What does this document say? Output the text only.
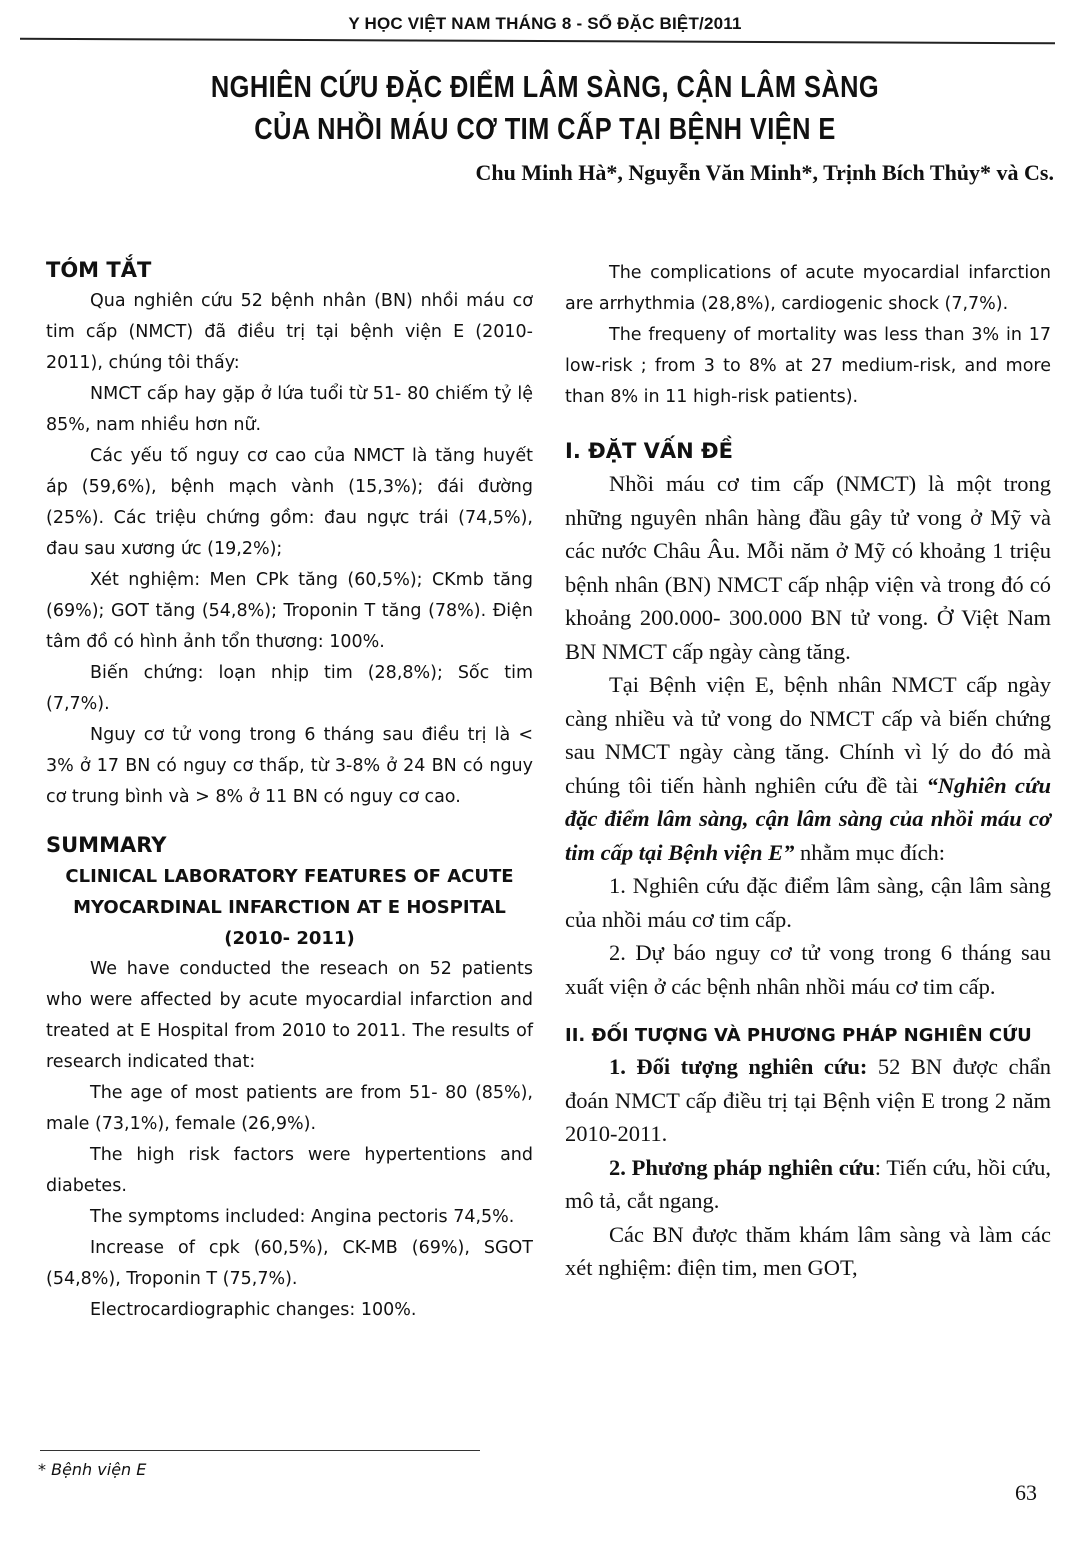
Y HỌC VIỆT NAM THÁNG 8 - SỐ ĐẶC BIỆT/2011
NGHIÊN CỨU ĐẶC ĐIỂM LÂM SÀNG, CẬN LÂM SÀNG
CỦA NHỒI MÁU CƠ TIM CẤP TẠI BỆNH VIỆN E
Chu Minh Hà*, Nguyễn Văn Minh*, Trịnh Bích Thủy* và Cs.
TÓM TẮT

Qua nghiên cứu 52 bệnh nhân (BN) nhồi máu cơ tim cấp (NMCT) đã điều trị tại bệnh viện E (2010-2011), chúng tôi thấy:

NMCT cấp hay gặp ở lứa tuổi từ 51- 80 chiếm tỷ lệ 85%, nam nhiều hơn nữ.

Các yếu tố nguy cơ cao của NMCT là tăng huyết áp (59,6%), bệnh mạch vành (15,3%); đái đường (25%). Các triệu chứng gồm: đau ngực trái (74,5%), đau sau xương ức (19,2%);

Xét nghiệm: Men CPk tăng (60,5%); CKmb tăng (69%); GOT tăng (54,8%); Troponin T tăng (78%). Điện tâm đồ có hình ảnh tổn thương: 100%.

Biến chứng: loạn nhịp tim (28,8%); Sốc tim (7,7%).

Nguy cơ tử vong trong 6 tháng sau điều trị là < 3% ở 17 BN có nguy cơ thấp, từ 3-8% ở 24 BN có nguy cơ trung bình và > 8% ở 11 BN có nguy cơ cao.

SUMMARY
CLINICAL LABORATORY FEATURES OF ACUTE MYOCARDINAL INFARCTION AT E HOSPITAL (2010- 2011)

We have conducted the reseach on 52 patients who were affected by acute myocardial infarction and treated at E Hospital from 2010 to 2011. The results of research indicated that:

The age of most patients are from 51- 80 (85%), male (73,1%), female (26,9%).

The high risk factors were hypertentions and diabetes.

The symptoms included: Angina pectoris 74,5%.

Increase of cpk (60,5%), CK-MB (69%), SGOT (54,8%), Troponin T (75,7%).

Electrocardiographic changes: 100%.

The complications of acute myocardial infarction are arrhythmia (28,8%), cardiogenic shock (7,7%).

The frequeny of mortality was less than 3% in 17 low-risk ; from 3 to 8% at 27 medium-risk, and more than 8% in 11 high-risk patients).

I. ĐẶT VẤN ĐỀ

Nhồi máu cơ tim cấp (NMCT) là một trong những nguyên nhân hàng đầu gây tử vong ở Mỹ và các nước Châu Âu. Mỗi năm ở Mỹ có khoảng 1 triệu bệnh nhân (BN) NMCT cấp nhập viện và trong đó có khoảng 200.000- 300.000 BN tử vong. Ở Việt Nam BN NMCT cấp ngày càng tăng.

Tại Bệnh viện E, bệnh nhân NMCT cấp ngày càng nhiều và tử vong do NMCT cấp và biến chứng sau NMCT ngày càng tăng. Chính vì lý do đó mà chúng tôi tiến hành nghiên cứu đề tài “Nghiên cứu đặc điểm lâm sàng, cận lâm sàng của nhồi máu cơ tim cấp tại Bệnh viện E” nhằm mục đích:

1. Nghiên cứu đặc điểm lâm sàng, cận lâm sàng của nhồi máu cơ tim cấp.

2. Dự báo nguy cơ tử vong trong 6 tháng sau xuất viện ở các bệnh nhân nhồi máu cơ tim cấp.

II. ĐỐI TƯỢNG VÀ PHƯƠNG PHÁP NGHIÊN CỨU

1. Đối tượng nghiên cứu: 52 BN được chẩn đoán NMCT cấp điều trị tại Bệnh viện E trong 2 năm 2010-2011.

2. Phương pháp nghiên cứu: Tiến cứu, hồi cứu, mô tả, cắt ngang.

Các BN được thăm khám lâm sàng và làm các xét nghiệm: điện tim, men GOT,

* Bệnh viện E
63
